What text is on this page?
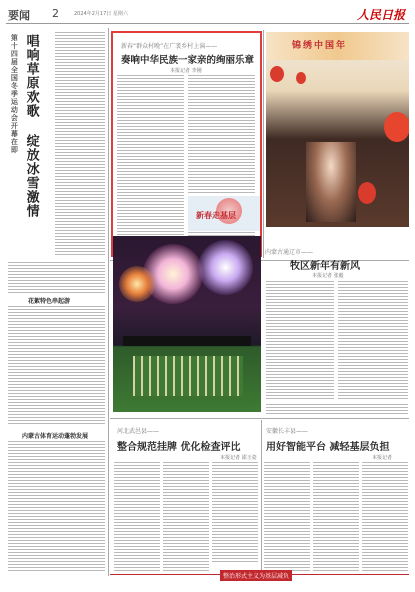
要闻 2	2024年2月17日 星期六	人民日报
第十四届全国冬季运动会开幕在即 唱响草原欢歌 绽放冰雪激情
花絮特色串起游
内蒙古体育运动蓬勃发展
新春“群众村晚”在广袤乡村上演——
奏响中华民族一家亲的绚丽乐章
本报记者 李刚
新春走基层
锦绣中国年
内蒙古通辽市——
牧区新年有新风
本报记者 张毅
河北武邑县——
整合规范挂牌 优化检查评比
本报记者 邵玉姿
安徽长丰县——
用好智能平台 减轻基层负担
本报记者
整治形式主义为基层减负
